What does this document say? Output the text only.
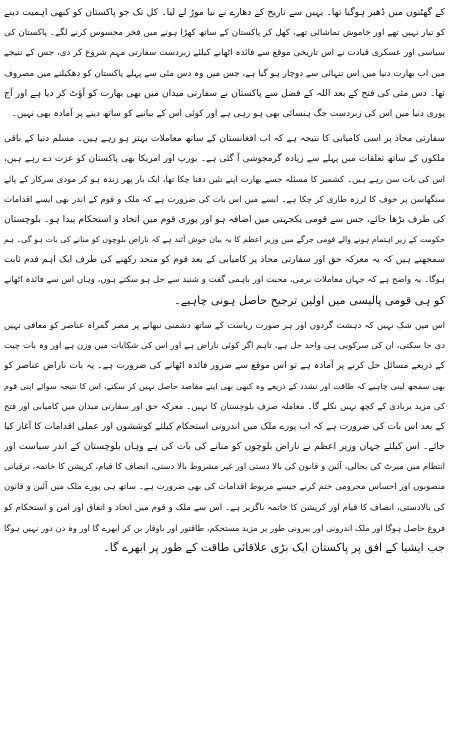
کے گھٹنوں میں ڈھیر ہوگیا تھا۔ یہیں سے تاریخ کے دھارے نے نیا موڑ لے لیا۔ کل تک جو پاکستان کو کبھی اہمیت دینے
کو تیار نہیں تھے اور خاموش تماشائی تھے، کھل کر پاکستان کے ساتھ کھڑا ہونے میں فخر محسوس کرنے لگے۔ پاکستان کی
سیاسی اور عسکری قیادت نے اس تاریخی موقع سے فائدہ اٹھانے کیلئے زبردست سفارتی مہم شروع کر دی، جس کے نتیجے
میں اب بھارت دنیا میں اس تنہائی سے دوچار ہو گیا ہے، جس میں وہ دس مئی سے پہلے پاکستان کو دھکیلنے میں مصروف
تھا۔ دس مئی کی فتح کے بعد اللہ کے فضل سے پاکستان نے سفارتی میدان میں بھی بھارت کو آؤٹ کر دیا ہے اور آج
پوری دنیا میں اس کی زبردست جگ ہنسائی بھی ہو رہی ہے اور کوئی اس کے بیانیے کو ساتھ دینے پر آمادہ بھی نہیں۔
سفارتی محاذ پر اسی کامیابی کا نتیجہ ہے کہ اب افغانستان کے ساتھ معاملات بہتر ہو رہے ہیں۔ مسلم دنیا کے باقی
ملکوں کے ساتھ تعلقات میں پہلے سے زیادہ گرمجوشی آ گئی ہے۔ یورپ اور امریکا بھی پاکستان کو عزت دے رہے ہیں،
اس کی بات سن رہے ہیں۔ کشمیر کا مسئلہ جسے بھارت اپنے تئیں دفنا چکا تھا، ایک بار پھر زندہ ہو کر مودی سرکار کے پائے
سنگھاسن پر خوف کا لرزہ طاری کر چکا ہے۔ ایسے میں اس بات کی ضرورت ہے کہ ملک و قوم کے اندر بھی ایسے اقدامات
کی طرف بڑھا جائے، جس سے قومی یکجہتی میں اضافہ ہو اور پوری قوم میں اتحاد و استحکام پیدا ہو۔ بلوچستان
حکومت کے زیر اہتمام ہونے والے قومی جرگے میں وزیر اعظم کا یہ بیان خوش آئند ہے کہ ناراض بلوچوں کو منانے کی بات ہو گی۔ ہم
سمجھتے ہیں کہ یہ معرکہ حق اور سفارتی محاذ پر کامیابی کے بعد قوم کو متحد رکھنے کی طرف ایک اہم قدم ثابت
ہوگا۔ یہ واضح ہے کہ جہاں معاملات نرمی، محبت اور باہمی گفت و شنید سے حل ہو سکتے ہوں، وہاں اس سے فائدہ اٹھانے
کو ہی قومی پالیسی میں اولین ترجیح حاصل ہونی چاہیے۔
اس میں شک نہیں کہ دہشت گردوں اور ہر صورت ریاست کے ساتھ دشمنی نبھانے پر مصر گمراہ عناصر کو معافی نہیں
دی جا سکتی، ان کی سرکوبی ہی واحد حل ہے، تاہم اگر کوئی ناراض ہے اور اس کی شکایات میں وزن ہے اور وہ بات چیت
کے ذریعے مسائل حل کرنے پر آمادہ ہے تو اس موقع سے ضرور فائدہ اٹھانے کی ضرورت ہے۔ یہ بات ناراض عناصر کو
بھی سمجھ لینی چاہیے کہ طاقت اور تشدد کے ذریعے وہ کبھی بھی اپنے مقاصد حاصل نہیں کر سکتے، اس کا نتیجہ سوائے اپنی قوم
کی مزید بربادی کے کچھ نہیں نکلے گا۔ معاملہ صرف بلوچستان کا نہیں۔ معرکہ حق اور سفارتی میدان میں کامیابی اور فتح
کے بعد اس بات کی ضرورت ہے کہ اب پورے ملک میں اندرونی استحکام کیلئے کوششوں اور عملی اقدامات کا آغاز کیا
جائے۔ اس کیلئے جہاں وزیر اعظم نے ناراض بلوچوں کو منانے کی بات کی ہے وہاں بلوچستان کے اندر سیاست اور
انتظام میں میرٹ کی بحالی، آئین و قانون کی بالا دستی اور غیر مشروط بالا دستی، انصاف کا قیام، کرپشن کا خاتمہ، ترقیاتی
منصوبوں اور احساس محرومی ختم کرنے جیسے مربوط اقدامات کی بھی ضرورت ہے۔ ساتھ ہی پورے ملک میں آئین و قانون
کی بالادستی، انصاف کا قیام اور کرپشن کا خاتمہ ناگزیر ہے۔ اس سے ملک و قوم میں اتحاد و اتفاق اور امن و استحکام کو
فروغ حاصل ہوگا اور ملک اندرونی اور بیرونی طور پر مزید مستحکم، طاقتور اور باوقار بن کر ابھرے گا اور وہ دن دور نہیں ہوگا
جب ایشیا کے افق پر پاکستان ایک بڑی علاقائی طاقت کے طور پر ابھرے گا۔
